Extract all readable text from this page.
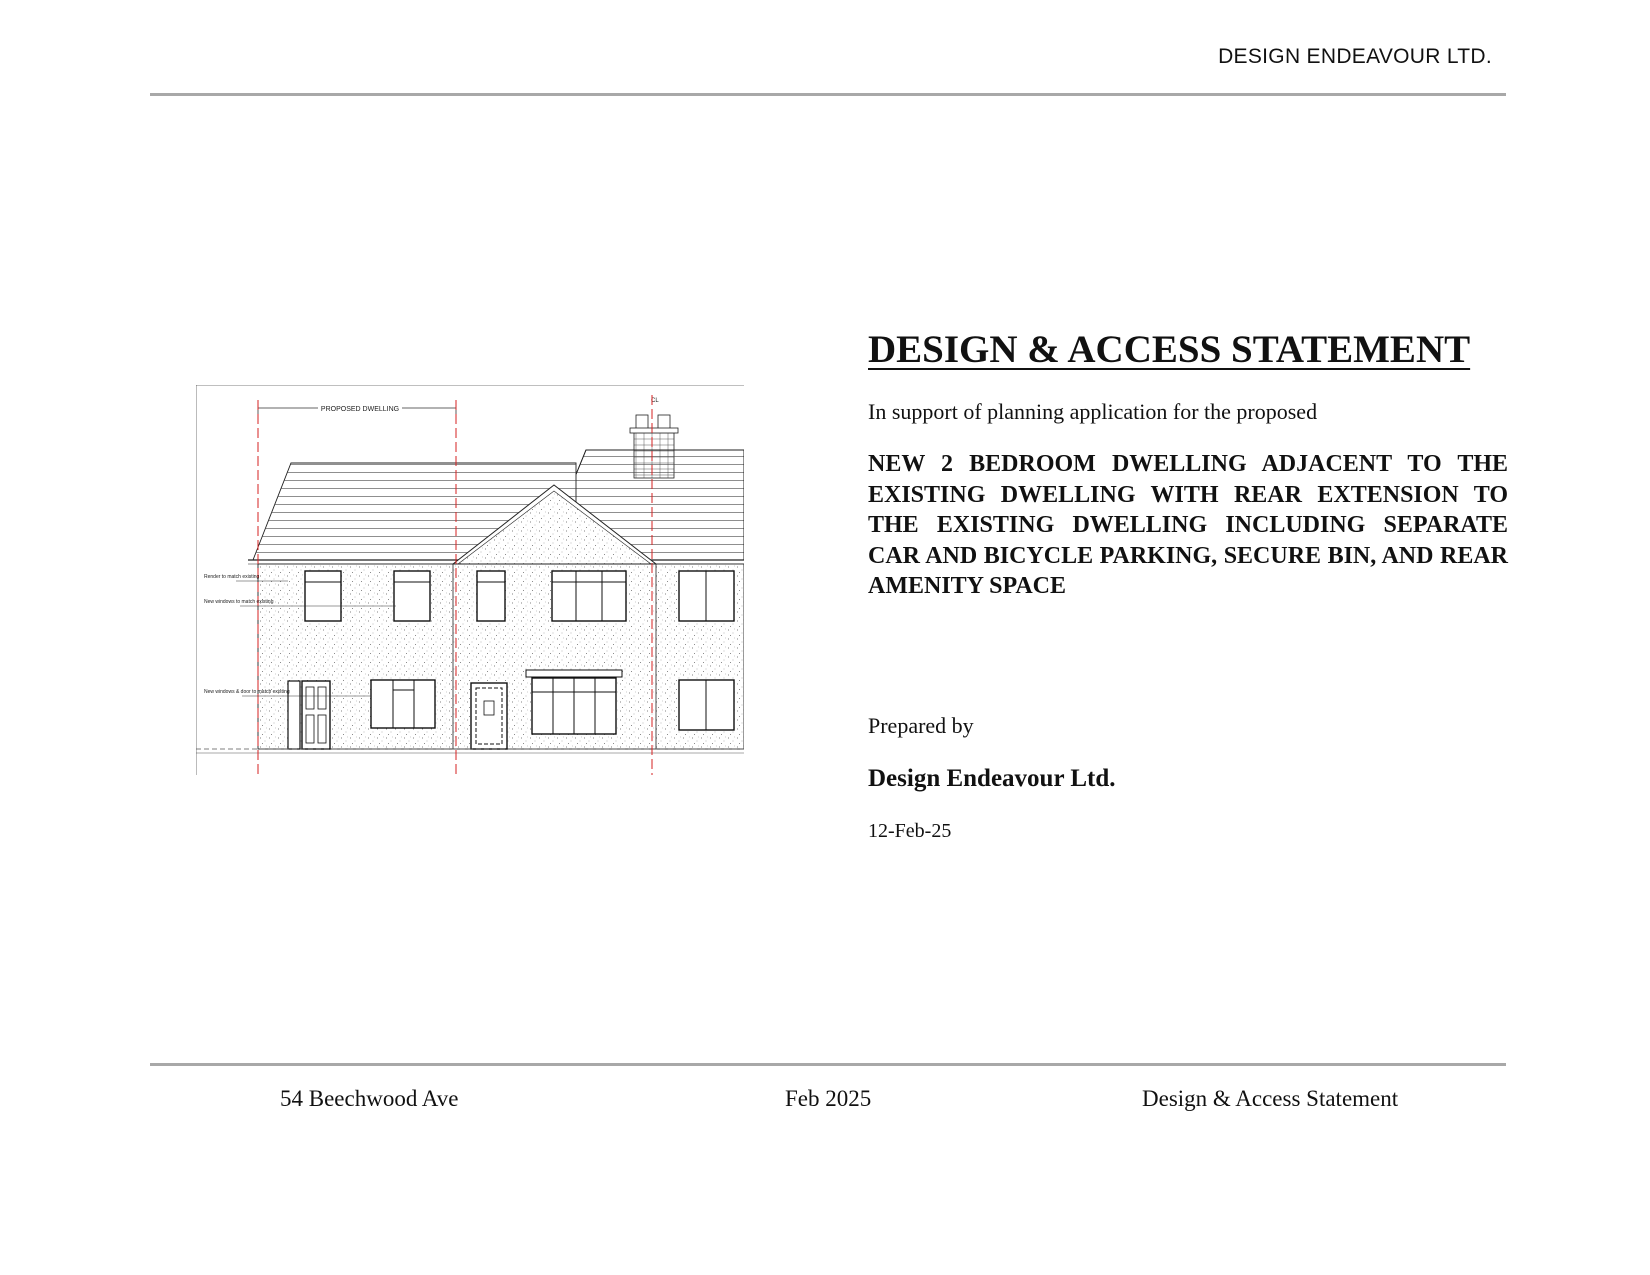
DESIGN ENDEAVOUR LTD.
PROPOSED DWELLING
CL
Render to match existing
New windows to match existing
New windows & door to match existing
DESIGN & ACCESS STATEMENT
In support of planning application for the proposed
NEW 2 BEDROOM DWELLING ADJACENT TO THE EXISTING DWELLING WITH REAR EXTENSION TO THE EXISTING DWELLING INCLUDING SEPARATE CAR AND BICYCLE PARKING, SECURE BIN, AND REAR AMENITY SPACE
Prepared by
Design Endeavour Ltd.
12-Feb-25
54 Beechwood Ave	Feb 2025	Design & Access Statement
